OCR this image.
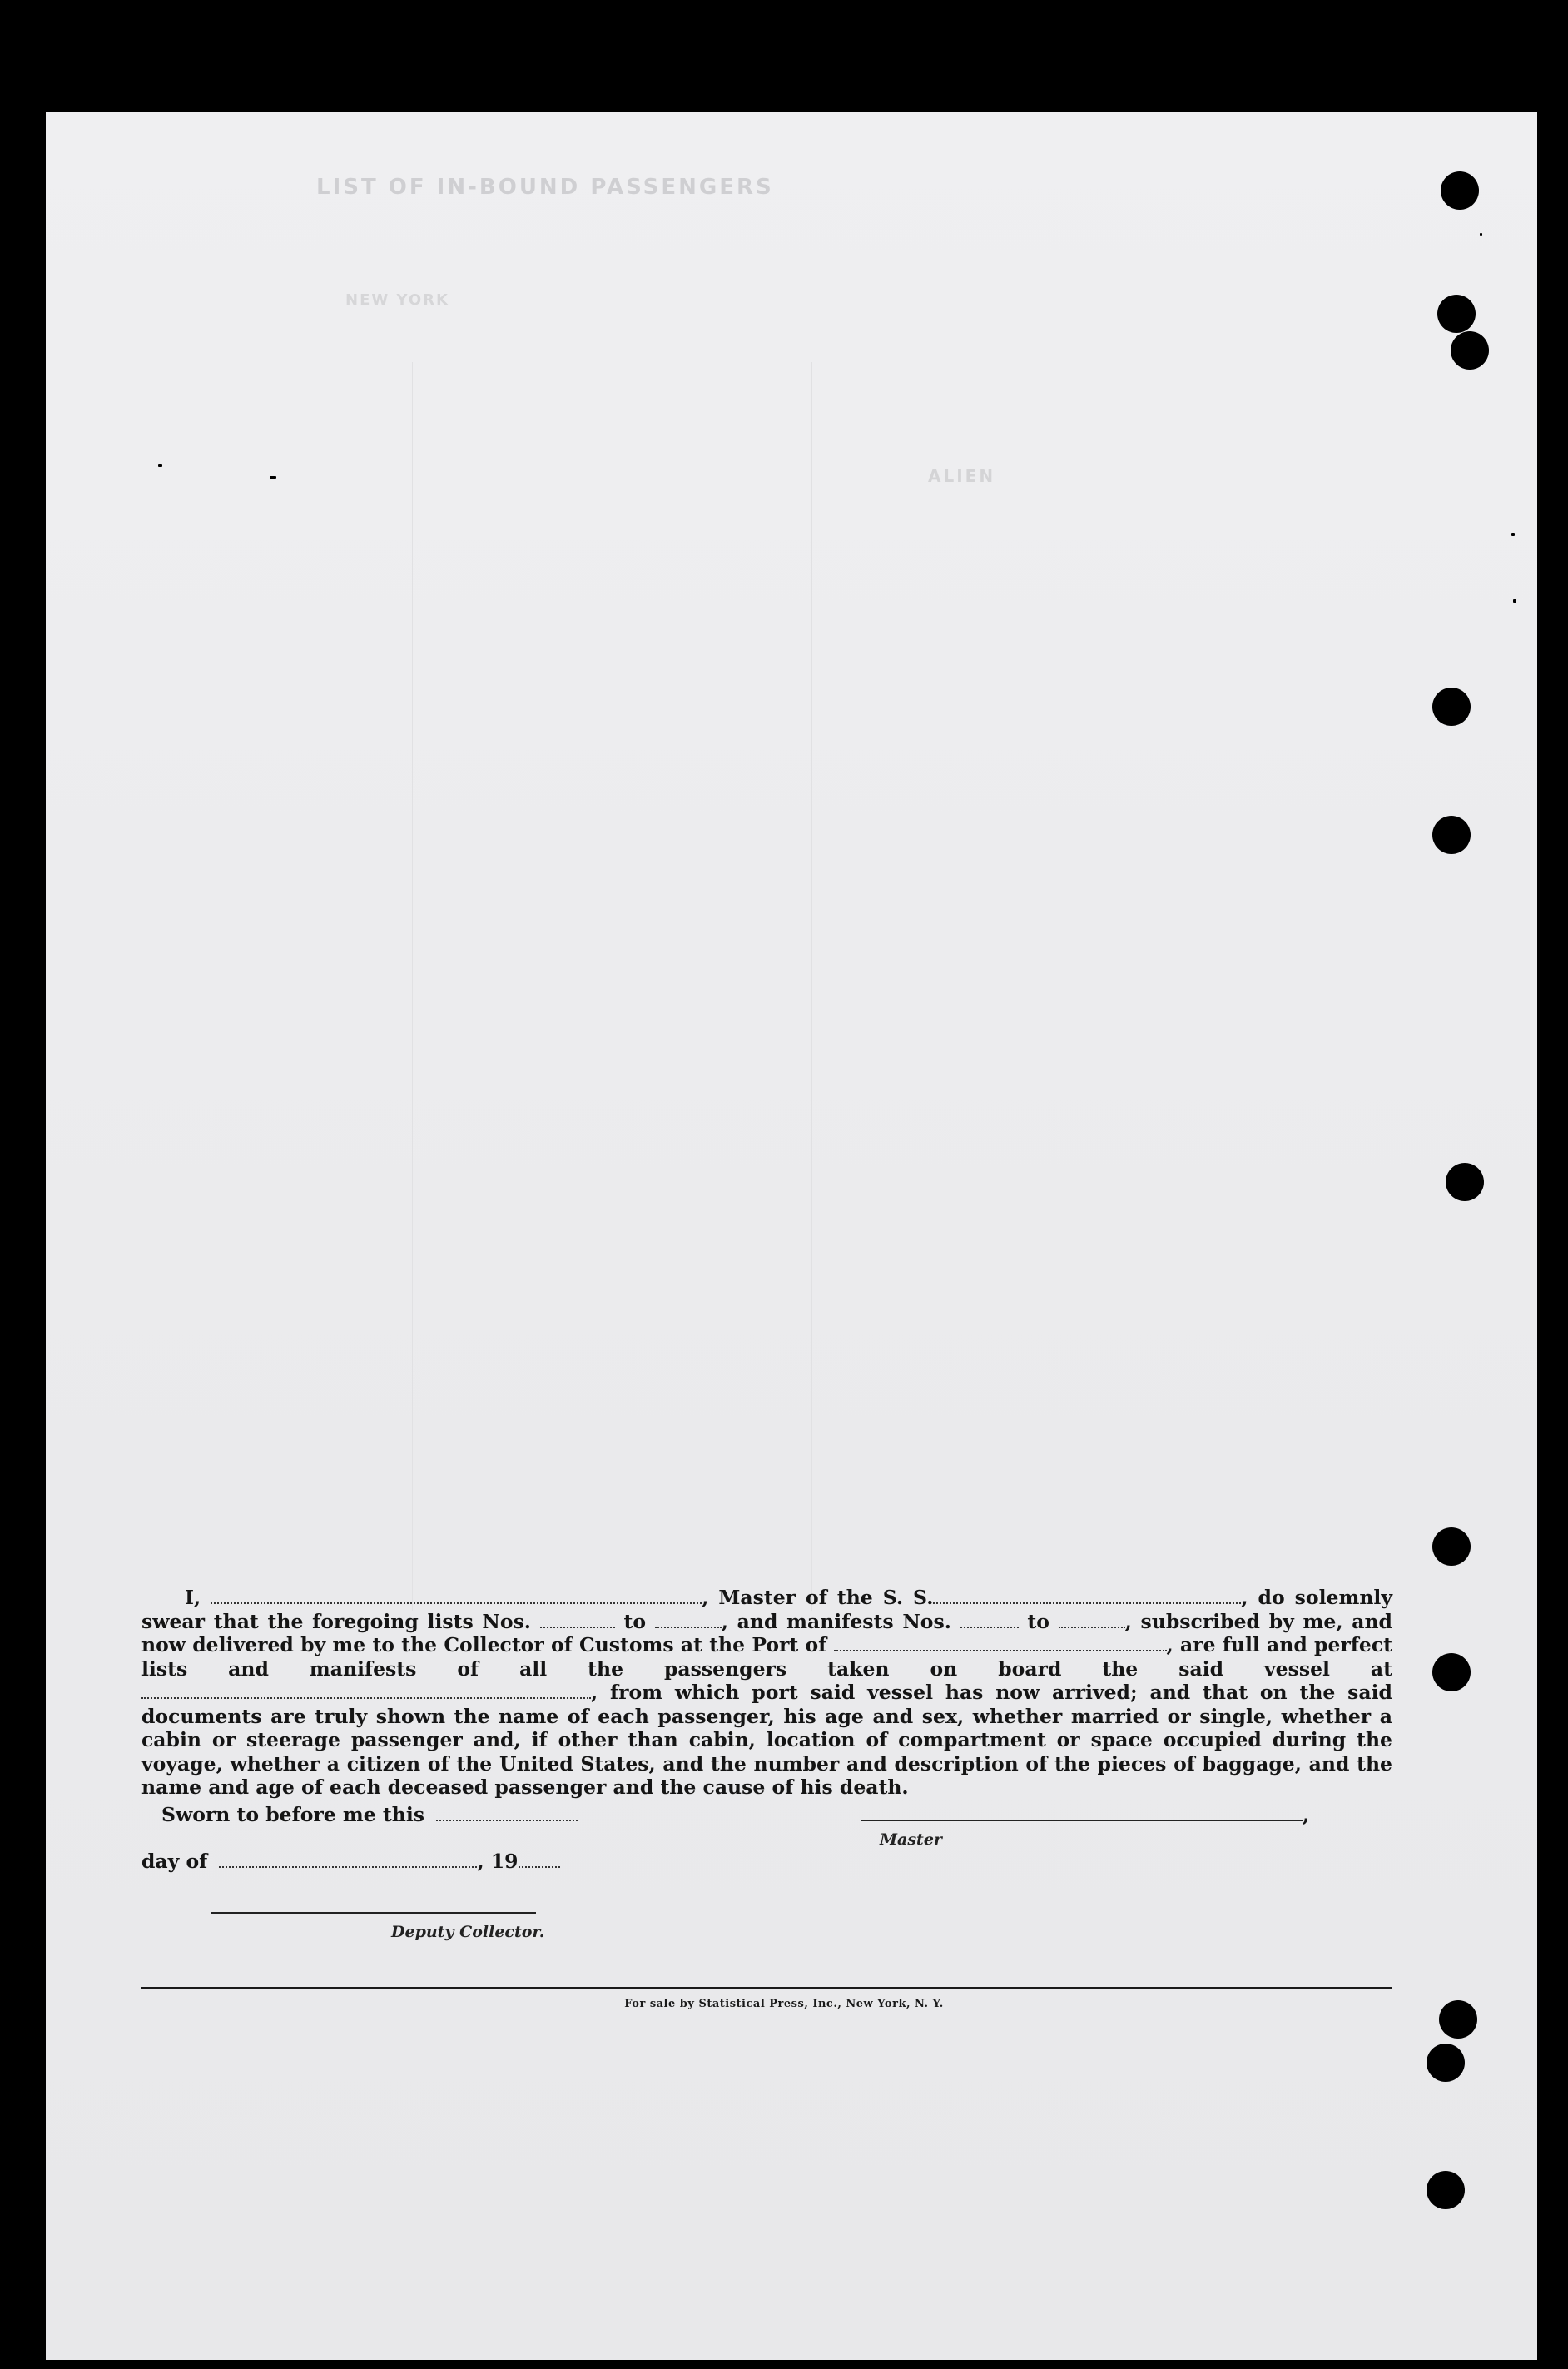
LIST OF IN-BOUND PASSENGERS
NEW YORK
ALIEN

I,	, Master of the S. S.	, do solemnly swear that the foregoing lists Nos.	to	, and manifests Nos.	to	, subscribed by me, and now delivered by me to the Collector of Customs at the Port of	, are full and perfect lists and manifests of all the passengers taken on board the said vessel at , from which port said vessel has now arrived; and that on the said documents are truly shown the name of each passenger, his age and sex, whether married or single, whether a cabin or steerage passenger and, if other than cabin, location of compartment or space occupied during the voyage, whether a citizen of the United States, and the number and description of the pieces of baggage, and the name and age of each deceased passenger and the cause of his death.

Sworn to before me this	, Master
day of	, 19
Deputy Collector.
For sale by Statistical Press, Inc., New York, N. Y.
